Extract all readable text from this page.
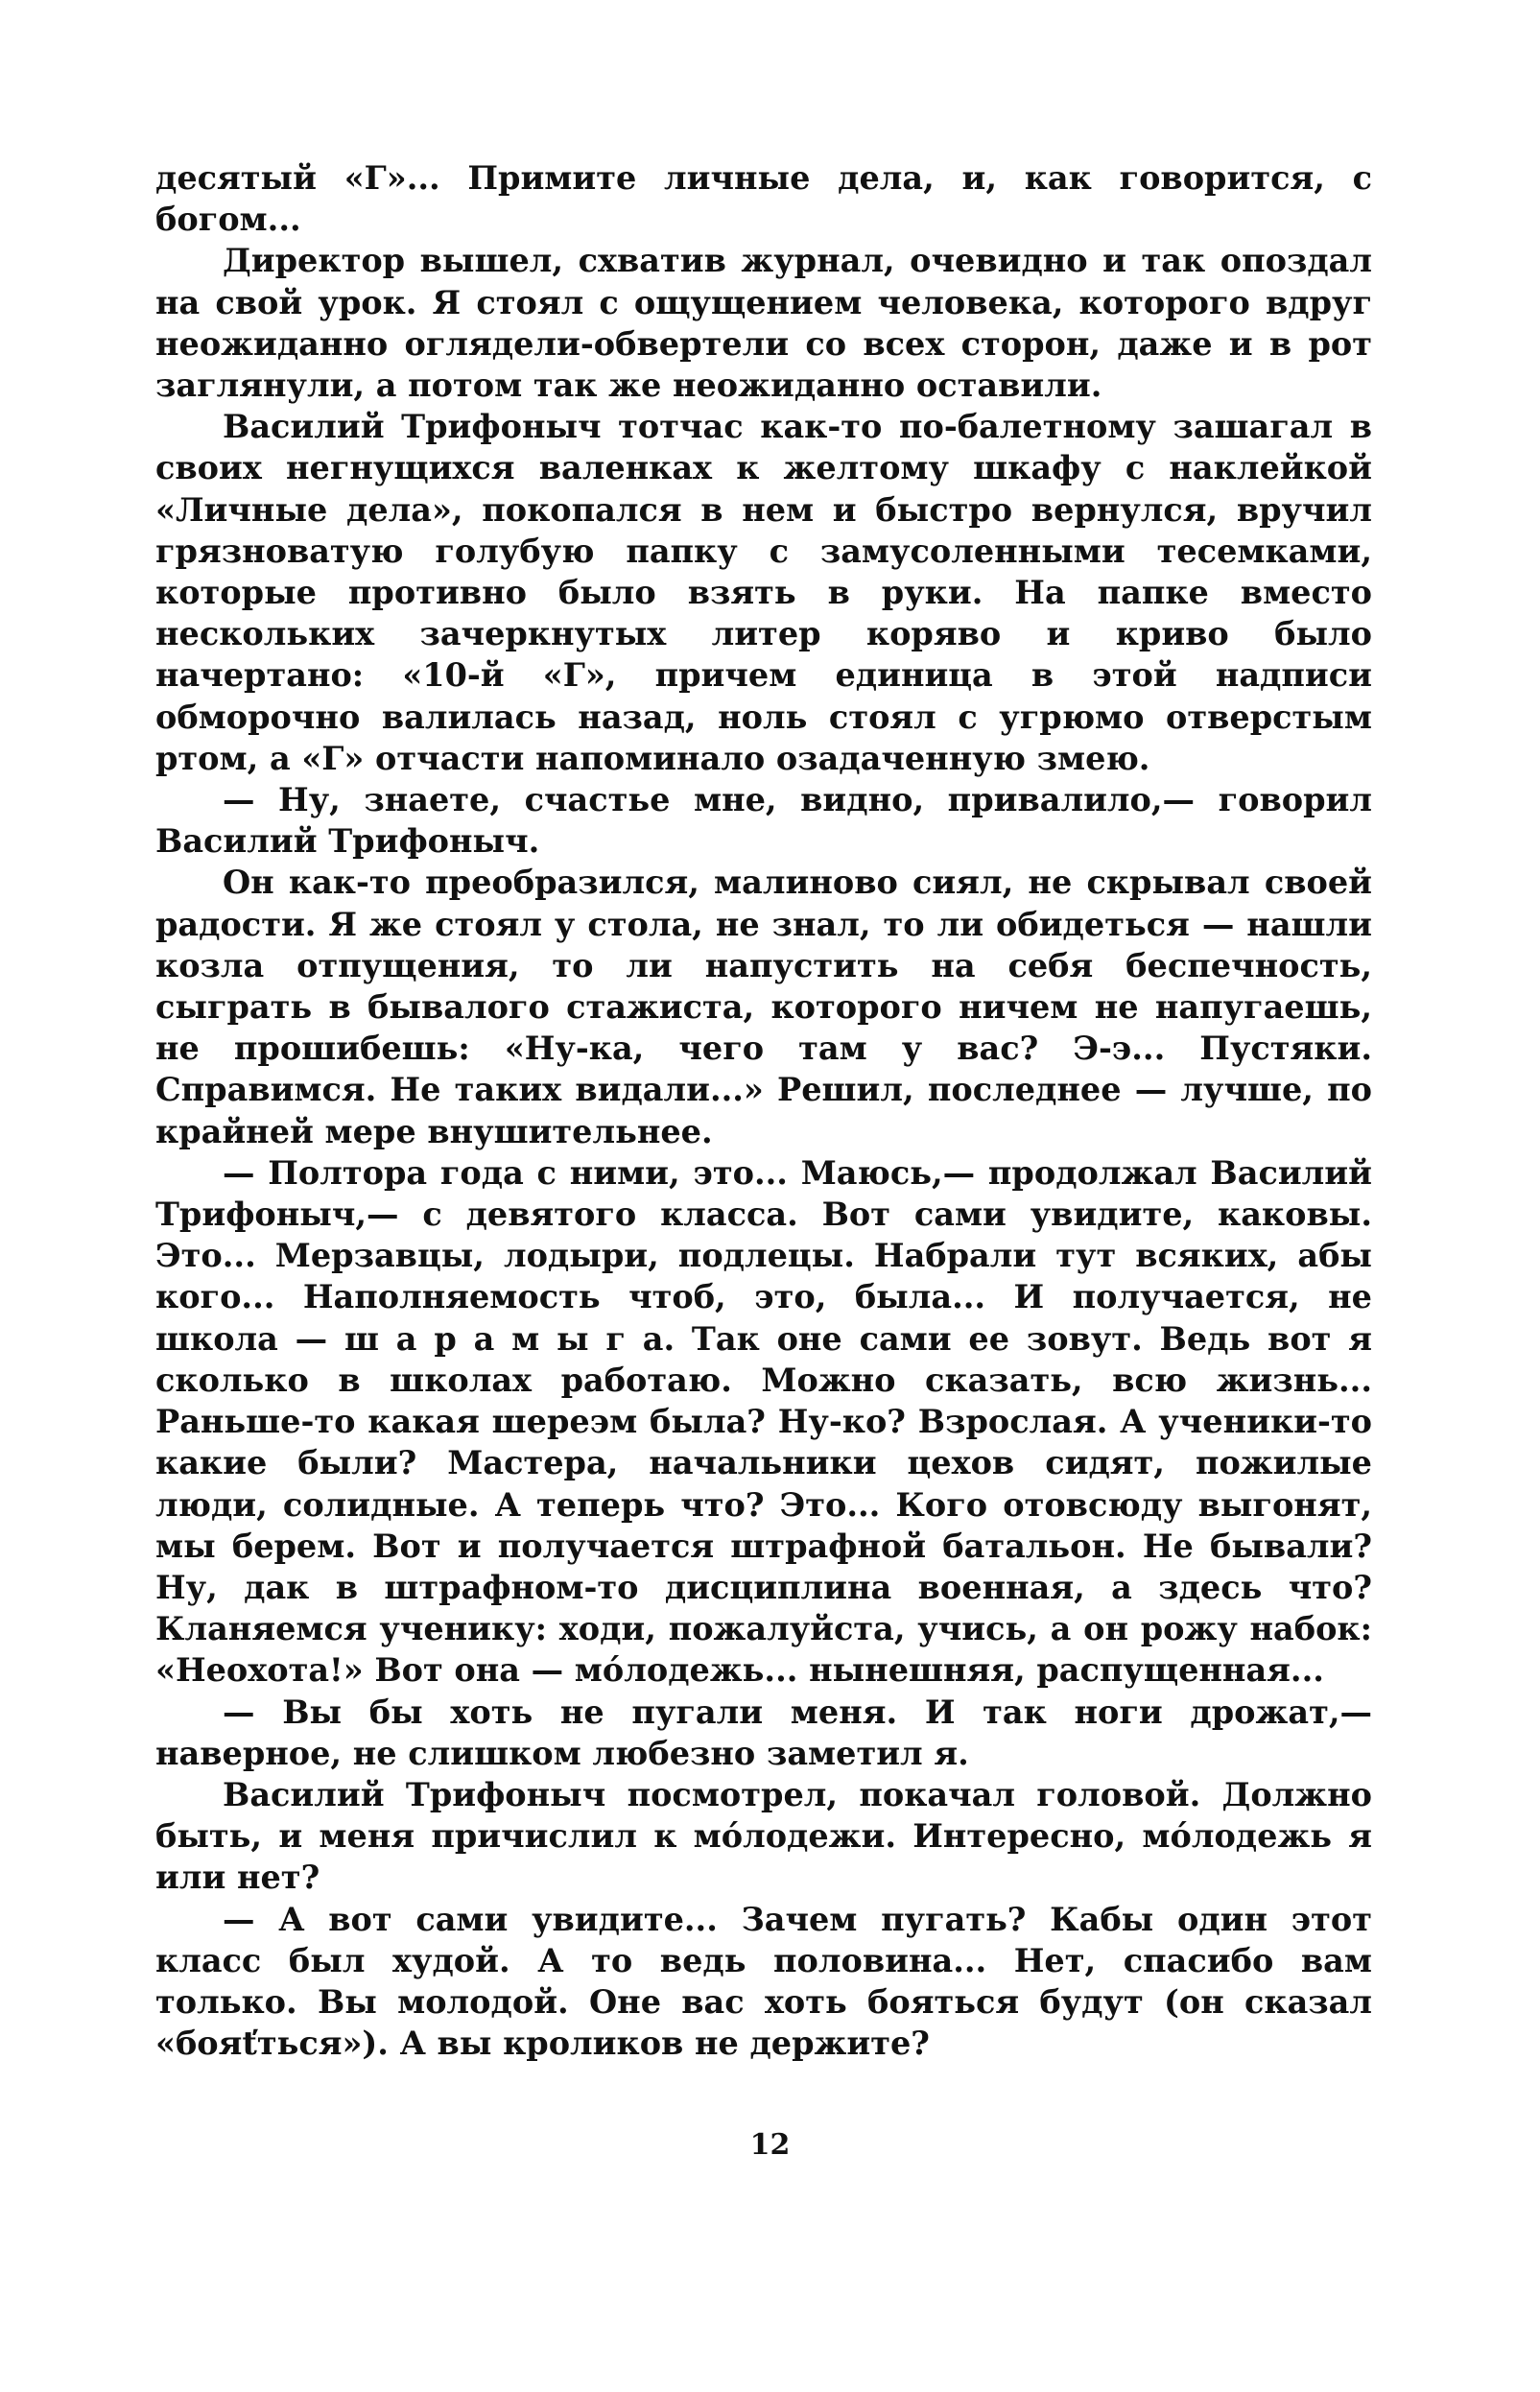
десятый «Г»... Примите личные дела, и, как говорится, с богом...

Директор вышел, схватив журнал, очевидно и так опоздал на свой урок. Я стоял с ощущением человека, которого вдруг неожиданно оглядели-обвертели со всех сторон, даже и в рот заглянули, а потом так же неожиданно оставили.

Василий Трифоныч тотчас как-то по-балетному зашагал в своих негнущихся валенках к желтому шкафу с наклейкой «Личные дела», покопался в нем и быстро вернулся, вручил грязноватую голубую папку с замусоленными тесемками, которые противно было взять в руки. На папке вместо нескольких зачеркнутых литер коряво и криво было начертано: «10-й «Г», причем единица в этой надписи обморочно валилась назад, ноль стоял с угрюмо отверстым ртом, а «Г» отчасти напоминало озадаченную змею.

— Ну, знаете, счастье мне, видно, привалило,— говорил Василий Трифоныч.

Он как-то преобразился, малиново сиял, не скрывал своей радости. Я же стоял у стола, не знал, то ли обидеться — нашли козла отпущения, то ли напустить на себя беспечность, сыграть в бывалого стажиста, которого ничем не напугаешь, не прошибешь: «Ну-ка, чего там у вас? Э-э... Пустяки. Справимся. Не таких видали...» Решил, последнее — лучше, по крайней мере внушительнее.

— Полтора года с ними, это... Маюсь,— продолжал Василий Трифоныч,— с девятого класса. Вот сами увидите, каковы. Это... Мерзавцы, лодыри, подлецы. Набрали тут всяких, абы кого... Наполняемость чтоб, это, была... И получается, не школа — ш а р а м ы г а. Так оне сами ее зовут. Ведь вот я сколько в школах работаю. Можно сказать, всю жизнь... Раньше-то какая шереэм была? Ну-ко? Взрослая. А ученики-то какие были? Мастера, начальники цехов сидят, пожилые люди, солидные. А теперь что? Это... Кого отовсюду выгонят, мы берем. Вот и получается штрафной батальон. Не бывали? Ну, дак в штрафном-то дисциплина военная, а здесь что? Кланяемся ученику: ходи, пожалуйста, учись, а он рожу набок: «Неохота!» Вот она — мóлодежь... нынешняя, распущенная...

— Вы бы хоть не пугали меня. И так ноги дрожат,— наверное, не слишком любезно заметил я.

Василий Трифоныч посмотрел, покачал головой. Должно быть, и меня причислил к мóлодежи. Интересно, мóлодежь я или нет?

— А вот сами увидите... Зачем пугать? Кабы один этот класс был худой. А то ведь половина... Нет, спасибо вам только. Вы молодой. Оне вас хоть бояться будут (он сказал «бояťться»). А вы кроликов не держите?

12
